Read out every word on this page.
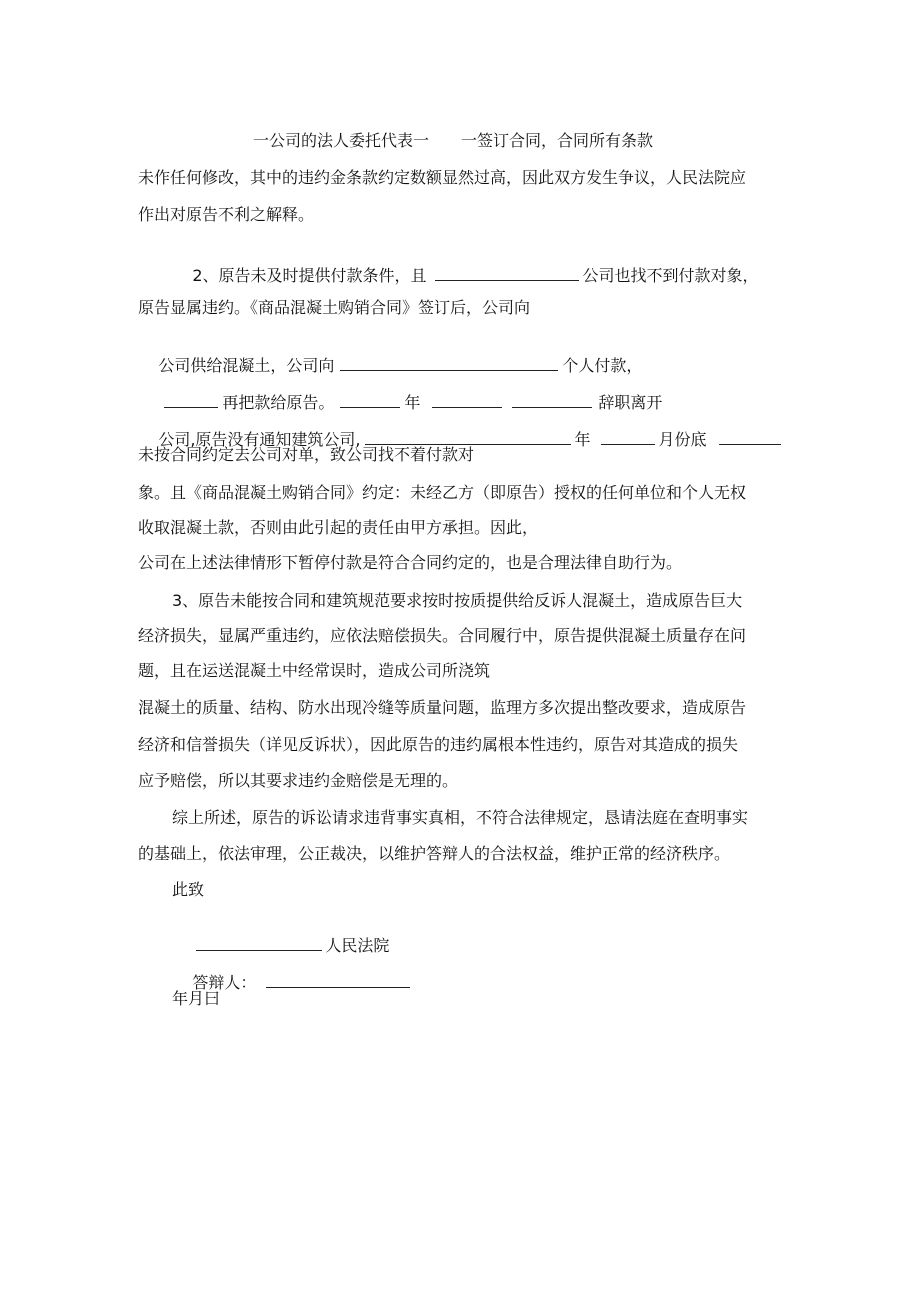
一公司的法人委托代表一　　一签订合同，合同所有条款
未作任何修改，其中的违约金条款约定数额显然过高，因此双方发生争议，人民法院应
作出对原告不利之解释。

2、原告未及时提供付款条件，且	公司也找不到付款对象，

原告显属违约。《商品混凝土购销合同》签订后，公司向

公司供给混凝土，公司向	个人付款，

再把款给原告。	年	辞职离开

公司,原告没有通知建筑公司,	年	月份底

未按合同约定去公司对单，致公司找不着付款对
象。且《商品混凝土购销合同》约定：未经乙方（即原告）授权的任何单位和个人无权
收取混凝土款，否则由此引起的责任由甲方承担。因此，
公司在上述法律情形下暂停付款是符合合同约定的，也是合理法律自助行为。
3、原告未能按合同和建筑规范要求按时按质提供给反诉人混凝土，造成原告巨大
经济损失，显属严重违约，应依法赔偿损失。合同履行中，原告提供混凝土质量存在问
题，且在运送混凝土中经常误时，造成公司所浇筑
混凝土的质量、结构、防水出现冷缝等质量问题，监理方多次提出整改要求，造成原告
经济和信誉损失（详见反诉状），因此原告的违约属根本性违约，原告对其造成的损失
应予赔偿，所以其要求违约金赔偿是无理的。
综上所述，原告的诉讼请求违背事实真相，不符合法律规定，恳请法庭在查明事实
的基础上，依法审理，公正裁决，以维护答辩人的合法权益，维护正常的经济秩序。
此致

人民法院

答辩人：

年月曰
